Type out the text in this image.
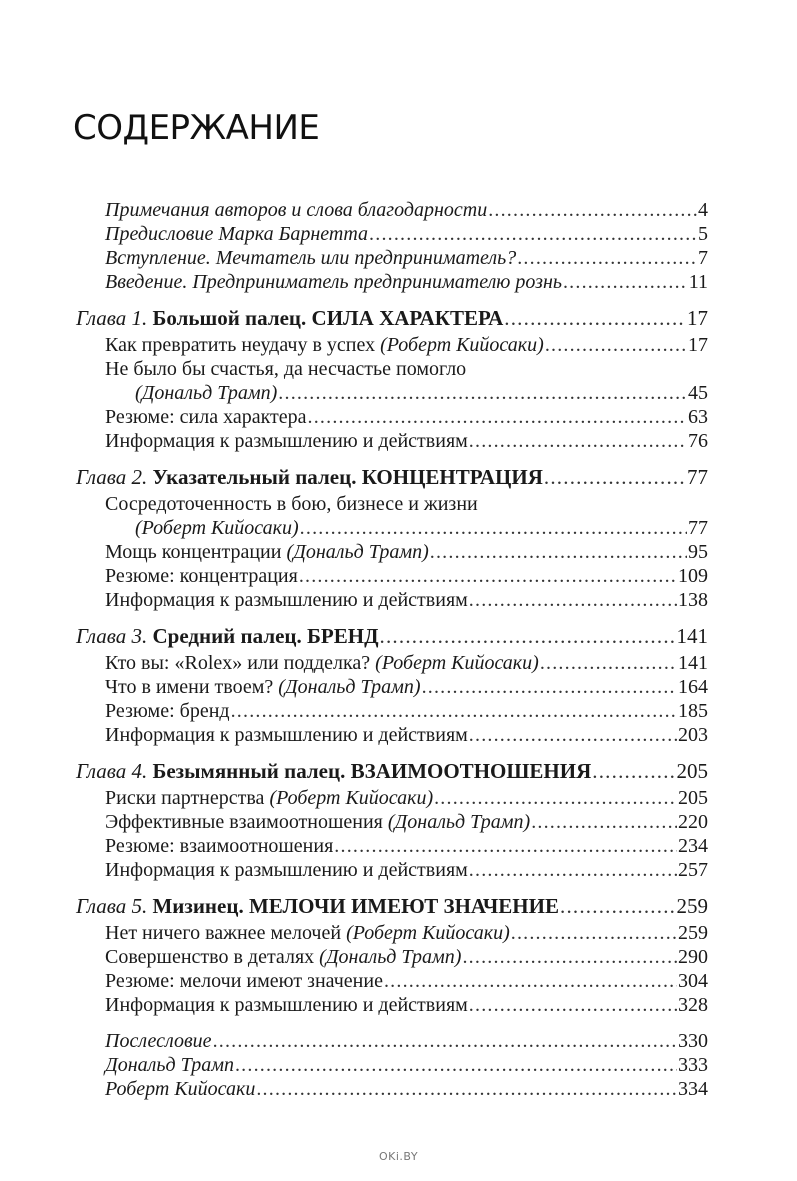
СОДЕРЖАНИЕ
Примечания авторов и слова благодарности .....	4
Предисловие Марка Барнетта .....	5
Вступление. Мечтатель или предприниматель? .....	7
Введение. Предприниматель предпринимателю рознь .....	11
Глава 1.
Большой палец. СИЛА ХАРАКТЕРА .....	17
Как превратить неудачу в успех
(Роберт Кийосаки) .....	17
Не было бы счастья, да несчастье помогло
(Дональд Трамп) .....	45
Резюме: сила характера .....	63
Информация к размышлению и действиям .....	76
Глава 2.
Указательный палец. КОНЦЕНТРАЦИЯ .....	77
Сосредоточенность в бою, бизнесе и жизни
(Роберт Кийосаки) .....	77
Мощь концентрации
(Дональд Трамп) .....	95
Резюме: концентрация .....	109
Информация к размышлению и действиям .....	138
Глава 3.
Средний палец. БРЕНД .....	141
Кто вы: «Rolex» или подделка?
(Роберт Кийосаки) .....	141
Что в имени твоем?
(Дональд Трамп) .....	164
Резюме: бренд .....	185
Информация к размышлению и действиям .....	203
Глава 4.
Безымянный палец. ВЗАИМООТНОШЕНИЯ .....	205
Риски партнерства
(Роберт Кийосаки) .....	205
Эффективные взаимоотношения
(Дональд Трамп) .....	220
Резюме: взаимоотношения .....	234
Информация к размышлению и действиям .....	257
Глава 5.
Мизинец. МЕЛОЧИ ИМЕЮТ ЗНАЧЕНИЕ .....	259
Нет ничего важнее мелочей
(Роберт Кийосаки) .....	259
Совершенство в деталях
(Дональд Трамп) .....	290
Резюме: мелочи имеют значение .....	304
Информация к размышлению и действиям .....	328
Послесловие .....	330
Дональд Трамп .....	333
Роберт Кийосаки .....	334
OKi.BY
